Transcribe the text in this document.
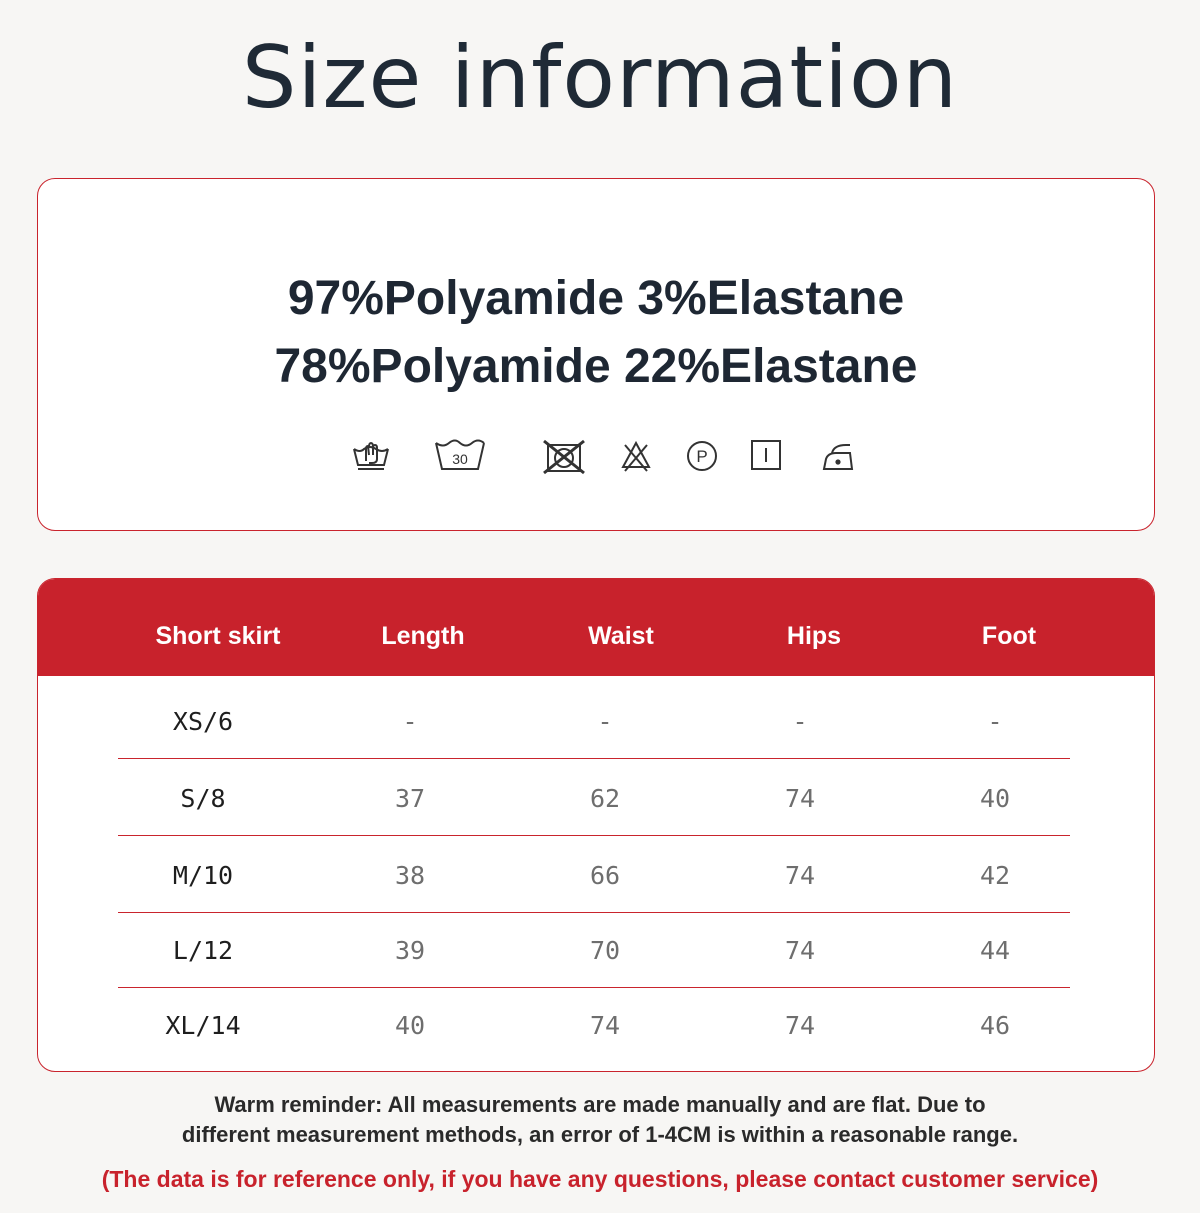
Size information
97%Polyamide 3%Elastane
78%Polyamide 22%Elastane
30	P
Short skirt	Length	Waist	Hips	Foot
XS/6	-	-	-	-
S/8	37	62	74	40
M/10	38	66	74	42
L/12	39	70	74	44
XL/14	40	74	74	46
Warm reminder: All measurements are made manually and are flat. Due to
different measurement methods, an error of 1-4CM is within a reasonable range.
(The data is for reference only, if you have any questions, please contact customer service)
